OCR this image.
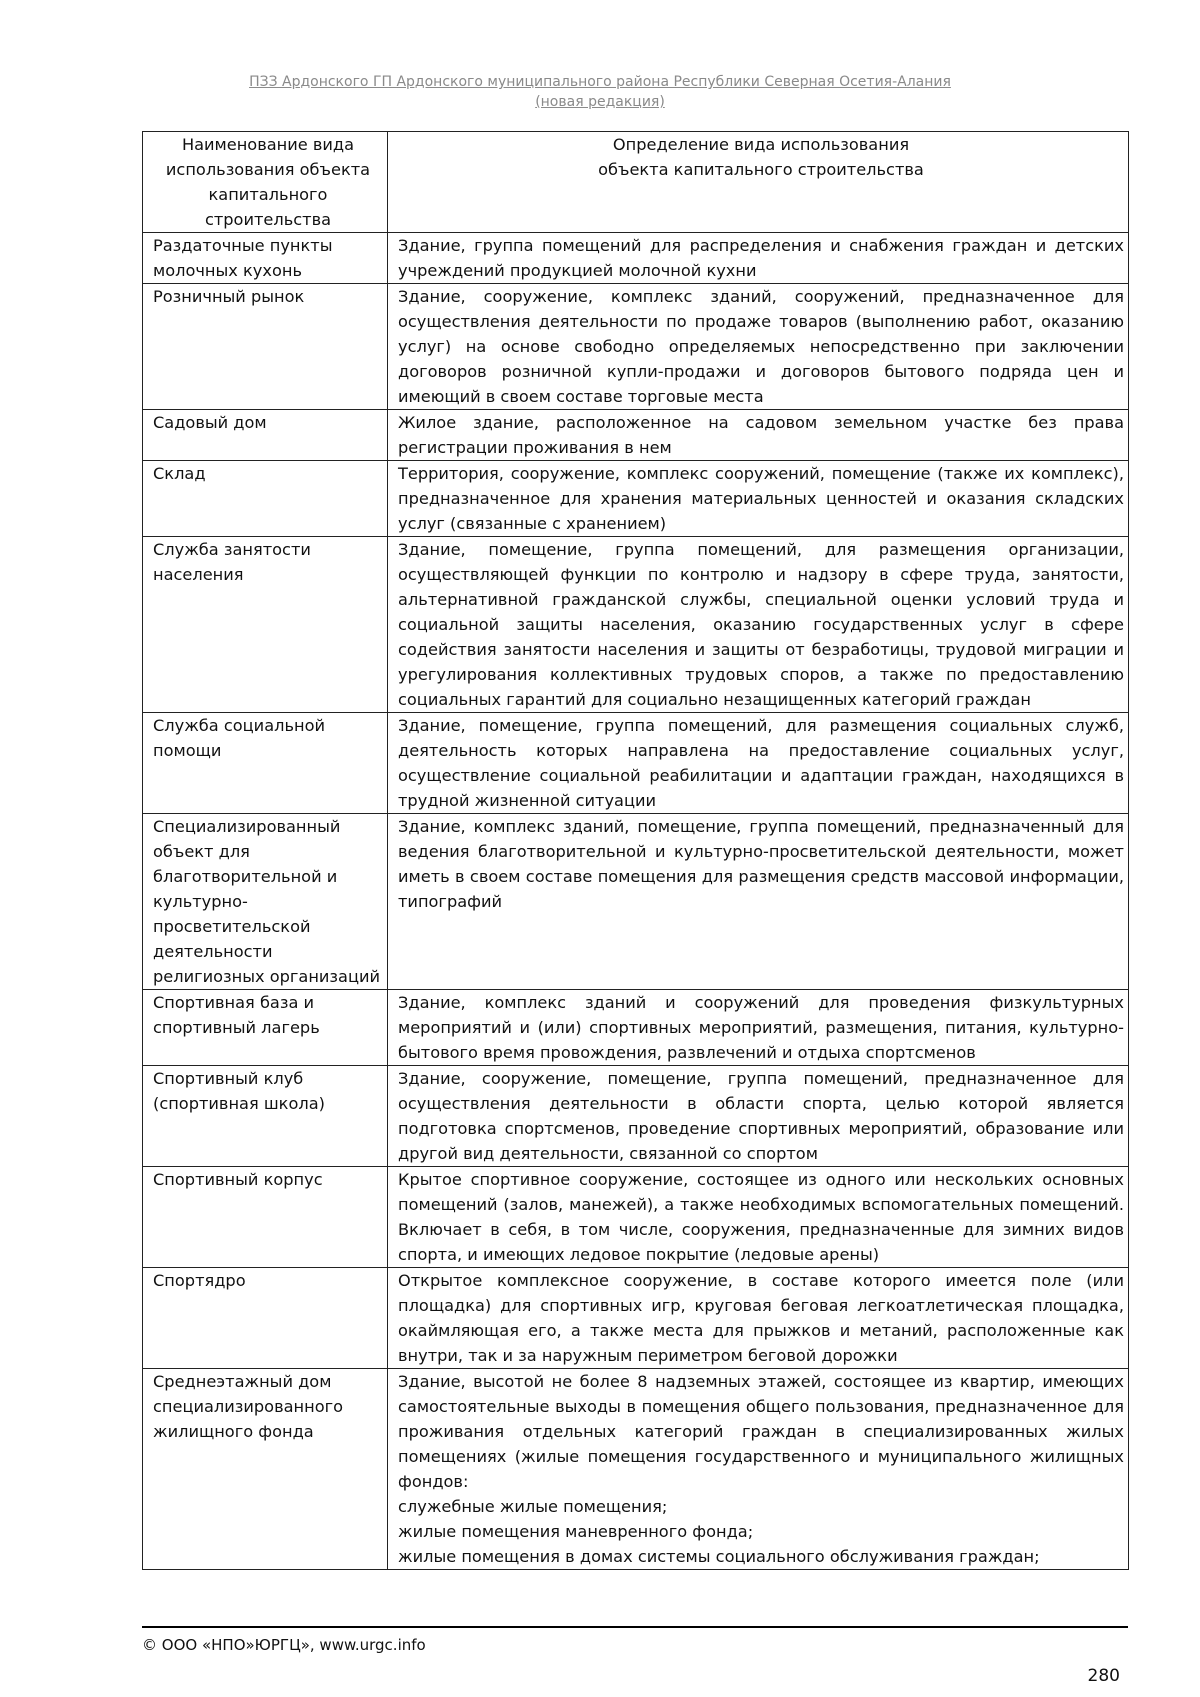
ПЗЗ Ардонского ГП Ардонского муниципального района Республики Северная Осетия-Алания
(новая редакция)
Наименование вида использования объекта капитального строительства	Определение вида использования
объекта капитального строительства

Раздаточные пункты молочных кухонь	Здание, группа помещений для распределения и снабжения граждан и детских учреждений продукцией молочной кухни

Розничный рынок	Здание, сооружение, комплекс зданий, сооружений, предназначенное для осуществления деятельности по продаже товаров (выполнению работ, оказанию услуг) на основе свободно определяемых непосредственно при заключении договоров розничной купли-продажи и договоров бытового подряда цен и имеющий в своем составе торговые места

Садовый дом	Жилое здание, расположенное на садовом земельном участке без права регистрации проживания в нем

Склад	Территория, сооружение, комплекс сооружений, помещение (также их комплекс), предназначенное для хранения материальных ценностей и оказания складских услуг (связанные с хранением)

Служба занятости населения	Здание, помещение, группа помещений, для размещения организации, осуществляющей функции по контролю и надзору в сфере труда, занятости, альтернативной гражданской службы, специальной оценки условий труда и социальной защиты населения, оказанию государственных услуг в сфере содействия занятости населения и защиты от безработицы, трудовой миграции и урегулирования коллективных трудовых споров, а также по предоставлению социальных гарантий для социально незащищенных категорий граждан

Служба социальной помощи	Здание, помещение, группа помещений, для размещения социальных служб, деятельность которых направлена на предоставление социальных услуг, осуществление социальной реабилитации и адаптации граждан, находящихся в трудной жизненной ситуации

Специализированный объект для благотворительной и культурно-просветительской деятельности религиозных организаций	Здание, комплекс зданий, помещение, группа помещений, предназначенный для ведения благотворительной и культурно-просветительской деятельности, может иметь в своем составе помещения для размещения средств массовой информации, типографий

Спортивная база и спортивный лагерь	Здание, комплекс зданий и сооружений для проведения физкультурных мероприятий и (или) спортивных мероприятий, размещения, питания, культурно-бытового время провождения, развлечений и отдыха спортсменов

Спортивный клуб (спортивная школа)	Здание, сооружение, помещение, группа помещений, предназначенное для осуществления деятельности в области спорта, целью которой является подготовка спортсменов, проведение спортивных мероприятий, образование или другой вид деятельности, связанной со спортом

Спортивный корпус	Крытое спортивное сооружение, состоящее из одного или нескольких основных помещений (залов, манежей), а также необходимых вспомогательных помещений. Включает в себя, в том числе, сооружения, предназначенные для зимних видов спорта, и имеющих ледовое покрытие (ледовые арены)

Спортядро	Открытое комплексное сооружение, в составе которого имеется поле (или площадка) для спортивных игр, круговая беговая легкоатлетическая площадка, окаймляющая его, а также места для прыжков и метаний, расположенные как внутри, так и за наружным периметром беговой дорожки

Среднеэтажный дом специализированного жилищного фонда	Здание, высотой не более 8 надземных этажей, состоящее из квартир, имеющих самостоятельные выходы в помещения общего пользования, предназначенное для проживания отдельных категорий граждан в специализированных жилых помещениях (жилые помещения государственного и муниципального жилищных фондов:
служебные жилые помещения;
жилые помещения маневренного фонда;
жилые помещения в домах системы социального обслуживания граждан;
© ООО «НПО»ЮРГЦ», www.urgc.info
280
